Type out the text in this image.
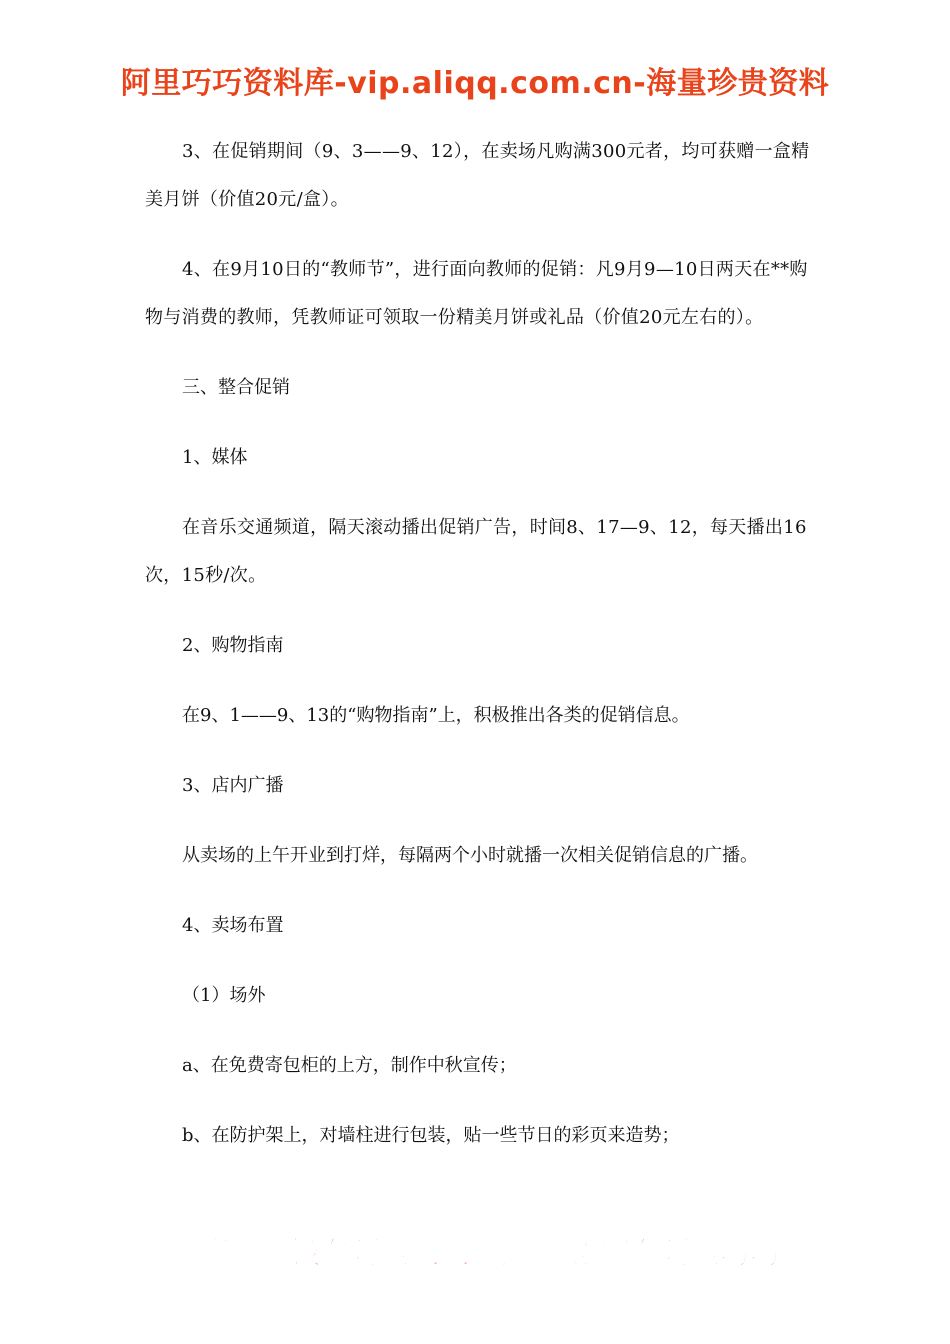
阿里巧巧资料库-vip.aliqq.com.cn-海量珍贵资料
3、在促销期间（9、3——9、12），在卖场凡购满300元者，均可获赠一盒精美月饼（价值20元/盒）。
4、在9月10日的“教师节”，进行面向教师的促销：凡9月9—10日两天在**购物与消费的教师，凭教师证可领取一份精美月饼或礼品（价值20元左右的）。
三、整合促销
1、媒体
在音乐交通频道，隔天滚动播出促销广告，时间8、17—9、12，每天播出16次，15秒/次。
2、购物指南
在9、1——9、13的“购物指南”上，积极推出各类的促销信息。
3、店内广播
从卖场的上午开业到打烊，每隔两个小时就播一次相关促销信息的广播。
4、卖场布置
（1）场外
a、在免费寄包柜的上方，制作中秋宣传；
b、在防护架上，对墙柱进行包装，贴一些节日的彩页来造势；
靠商品赚钱在阿里巴巴 用智慧创富在阿里巧巧
